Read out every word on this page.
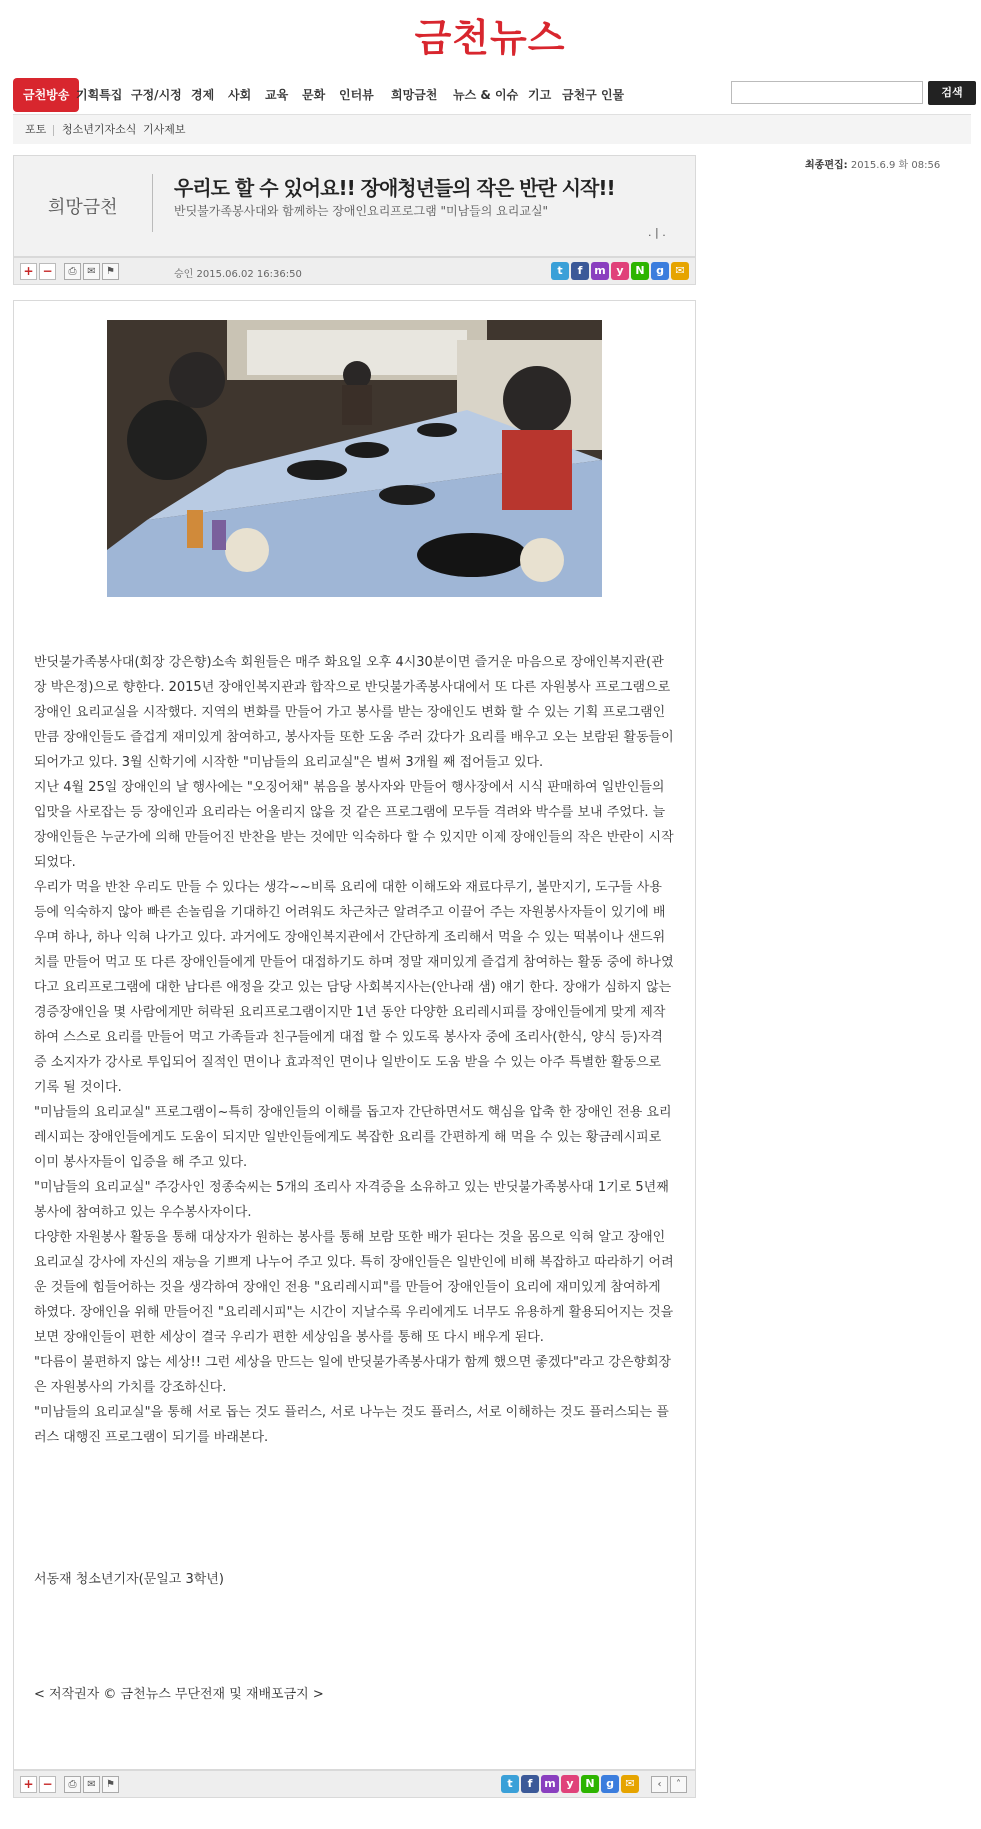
금천뉴스
금천방송 기획특집 구정/시정 경제 사회 교육 문화 인터뷰 희망금천 뉴스 & 이슈 기고 금천구 인물	검색
포토 청소년기자소식 기사제보
최종편집: 2015.6.9 화 08:56
희망금천
우리도 할 수 있어요!! 장애청년들의 작은 반란 시작!!
반딧불가족봉사대와 함께하는 장애인요리프로그램 "미남들의 요리교실"
. | .
+ −	⎙	✉	⚑	승인 2015.06.02 16:36:50	t	f	m y	N	g	✉

반딧불가족봉사대(회장 강은향)소속 회원들은 매주 화요일 오후 4시30분이면 즐거운 마음으로 장애인복지관(관장 박은정)으로 향한다. 2015년 장애인복지관과 합작으로 반딧불가족봉사대에서 또 다른 자원봉사 프로그램으로 장애인 요리교실을 시작했다. 지역의 변화를 만들어 가고 봉사를 받는 장애인도 변화 할 수 있는 기획 프로그램인 만큼 장애인들도 즐겁게 재미있게 참여하고, 봉사자들 또한 도움 주러 갔다가 요리를 배우고 오는 보람된 활동들이 되어가고 있다. 3월 신학기에 시작한 "미남들의 요리교실"은 벌써 3개월 째 접어들고 있다.

지난 4월 25일 장애인의 날 행사에는 "오징어채" 볶음을 봉사자와 만들어 행사장에서 시식 판매하여 일반인들의 입맛을 사로잡는 등 장애인과 요리라는 어울리지 않을 것 같은 프로그램에 모두들 격려와 박수를 보내 주었다. 늘 장애인들은 누군가에 의해 만들어진 반찬을 받는 것에만 익숙하다 할 수 있지만 이제 장애인들의 작은 반란이 시작되었다.

우리가 먹을 반찬 우리도 만들 수 있다는 생각~~비록 요리에 대한 이해도와 재료다루기, 볼만지기, 도구들 사용 등에 익숙하지 않아 빠른 손놀림을 기대하긴 어려워도 차근차근 알려주고 이끌어 주는 자원봉사자들이 있기에 배우며 하나, 하나 익혀 나가고 있다. 과거에도 장애인복지관에서 간단하게 조리해서 먹을 수 있는 떡볶이나 샌드위치를 만들어 먹고 또 다른 장애인들에게 만들어 대접하기도 하며 정말 재미있게 즐겁게 참여하는 활동 중에 하나였다고 요리프로그램에 대한 남다른 애정을 갖고 있는 담당 사회복지사는(안나래 샘) 얘기 한다. 장애가 심하지 않는 경증장애인을 몇 사람에게만 허락된 요리프로그램이지만 1년 동안 다양한 요리레시피를 장애인들에게 맞게 제작하여 스스로 요리를 만들어 먹고 가족들과 친구들에게 대접 할 수 있도록 봉사자 중에 조리사(한식, 양식 등)자격증 소지자가 강사로 투입되어 질적인 면이나 효과적인 면이나 일반이도 도움 받을 수 있는 아주 특별한 활동으로 기록 될 것이다.

"미남들의 요리교실" 프로그램이~특히 장애인들의 이해를 돕고자 간단하면서도 핵심을 압축 한 장애인 전용 요리레시피는 장애인들에게도 도움이 되지만 일반인들에게도 복잡한 요리를 간편하게 해 먹을 수 있는 황금레시피로 이미 봉사자들이 입증을 해 주고 있다.

"미남들의 요리교실" 주강사인 정종숙씨는 5개의 조리사 자격증을 소유하고 있는 반딧불가족봉사대 1기로 5년째 봉사에 참여하고 있는 우수봉사자이다.

다양한 자원봉사 활동을 통해 대상자가 원하는 봉사를 통해 보람 또한 배가 된다는 것을 몸으로 익혀 알고 장애인 요리교실 강사에 자신의 재능을 기쁘게 나누어 주고 있다. 특히 장애인들은 일반인에 비해 복잡하고 따라하기 어려운 것들에 힘들어하는 것을 생각하여 장애인 전용 "요리레시피"를 만들어 장애인들이 요리에 재미있게 참여하게 하였다. 장애인을 위해 만들어진 "요리레시피"는 시간이 지날수록 우리에게도 너무도 유용하게 활용되어지는 것을 보면 장애인들이 편한 세상이 결국 우리가 편한 세상임을 봉사를 통해 또 다시 배우게 된다.

"다름이 불편하지 않는 세상!! 그런 세상을 만드는 일에 반딧불가족봉사대가 함께 했으면 좋겠다"라고 강은향회장은 자원봉사의 가치를 강조하신다.

"미남들의 요리교실"을 통해 서로 돕는 것도 플러스, 서로 나누는 것도 플러스, 서로 이해하는 것도 플러스되는 플러스 대행진 프로그램이 되기를 바래본다.

서동재 청소년기자(문일고 3학년)
< 저작권자 © 금천뉴스 무단전재 및 재배포금지 >
+ −	⎙	✉	⚑	t	f	m y	N	g	✉	‹	˄
